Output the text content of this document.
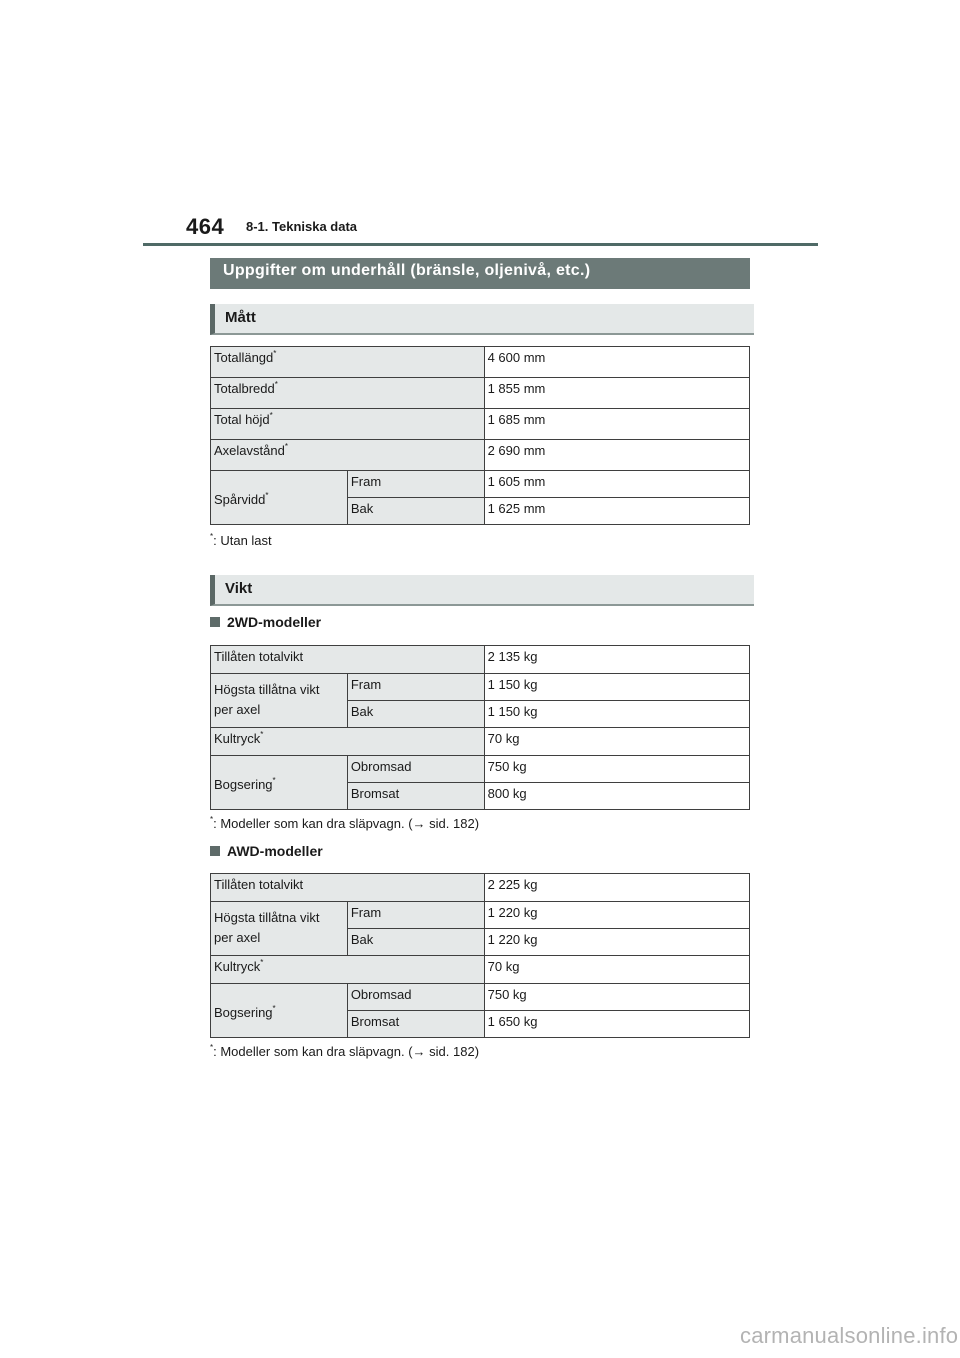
464 8-1. Tekniska data
Uppgifter om underhåll (bränsle, oljenivå, etc.)
Mått
Totallängd*		4 600 mm
Totalbredd*		1 855 mm
Total höjd*		1 685 mm
Axelavstånd*		2 690 mm
Spårvidd*	Fram	1 605 mm
	Bak	1 625 mm
*: Utan last
Vikt
2WD-modeller
Tillåten totalvikt		2 135 kg
Högsta tillåtna vikt
per axel	Fram	1 150 kg
	Bak	1 150 kg
Kultryck*		70 kg
Bogsering*	Obromsad	750 kg
	Bromsat	800 kg
*: Modeller som kan dra släpvagn. (→ sid. 182)
AWD-modeller
Tillåten totalvikt		2 225 kg
Högsta tillåtna vikt
per axel	Fram	1 220 kg
	Bak	1 220 kg
Kultryck*		70 kg
Bogsering*	Obromsad	750 kg
	Bromsat	1 650 kg
*: Modeller som kan dra släpvagn. (→ sid. 182)
carmanualsonline.info
